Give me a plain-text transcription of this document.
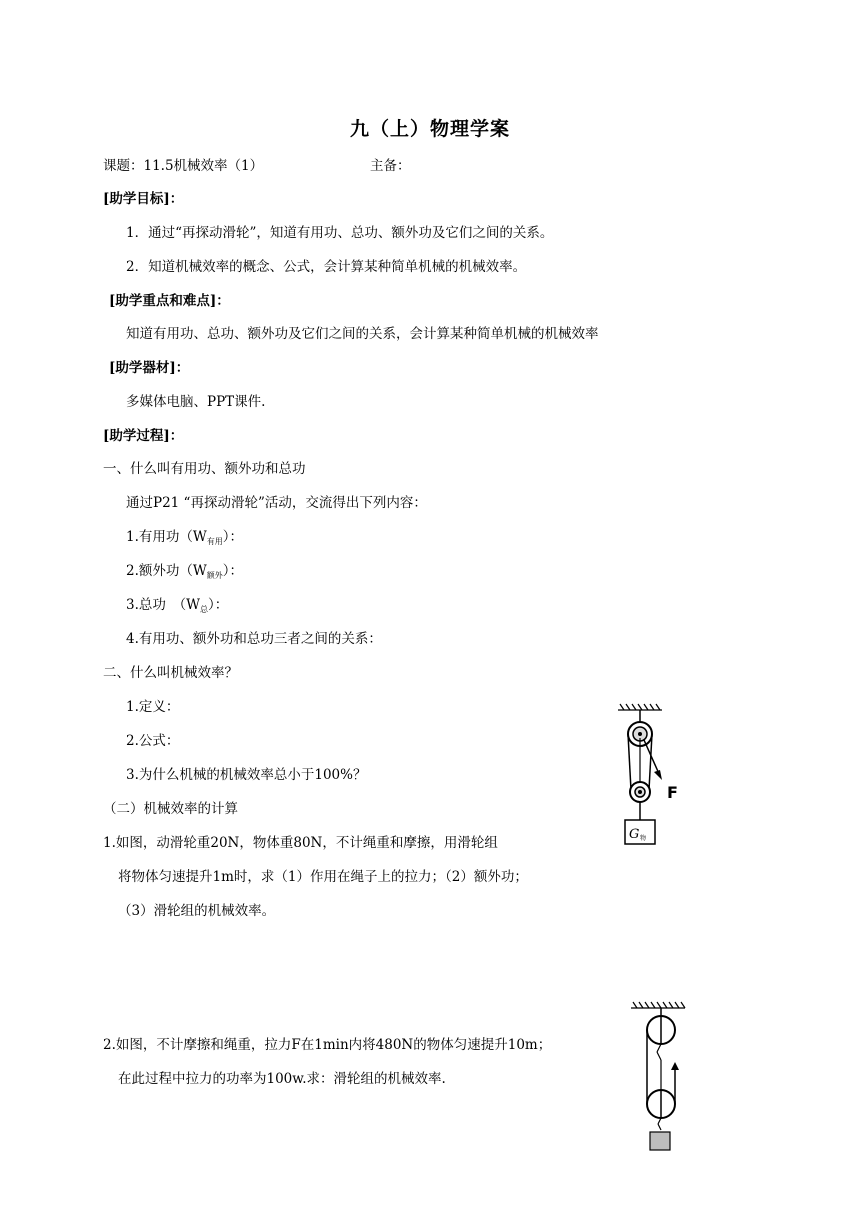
九（上）物理学案
课题：11.5机械效率（1）	主备：
[助学目标]：
1．通过“再探动滑轮”，知道有用功、总功、额外功及它们之间的关系。
2．知道机械效率的概念、公式，会计算某种简单机械的机械效率。
[助学重点和难点]：
知道有用功、总功、额外功及它们之间的关系，会计算某种简单机械的机械效率
[助学器材]：
多媒体电脑、PPT课件.
[助学过程]：
一、什么叫有用功、额外功和总功
通过P21 “再探动滑轮”活动，交流得出下列内容：
1.有用功$(W_{有用})$：
2.额外功$(W_{额外})$：
3.总功　$(W_总)$：
4.有用功、额外功和总功三者之间的关系：
二、什么叫机械效率？
1.定义：
2.公式：
3.为什么机械的机械效率总小于100%？
（二）机械效率的计算
1.如图，动滑轮重20N，物体重80N，不计绳重和摩擦，用滑轮组
将物体匀速提升1m时，求（1）作用在绳子上的拉力；（2）额外功；
（3）滑轮组的机械效率。
2.如图，不计摩擦和绳重，拉力F在1min内将480N的物体匀速提升10m；
在此过程中拉力的功率为100w.求：滑轮组的机械效率.
F
G 物
